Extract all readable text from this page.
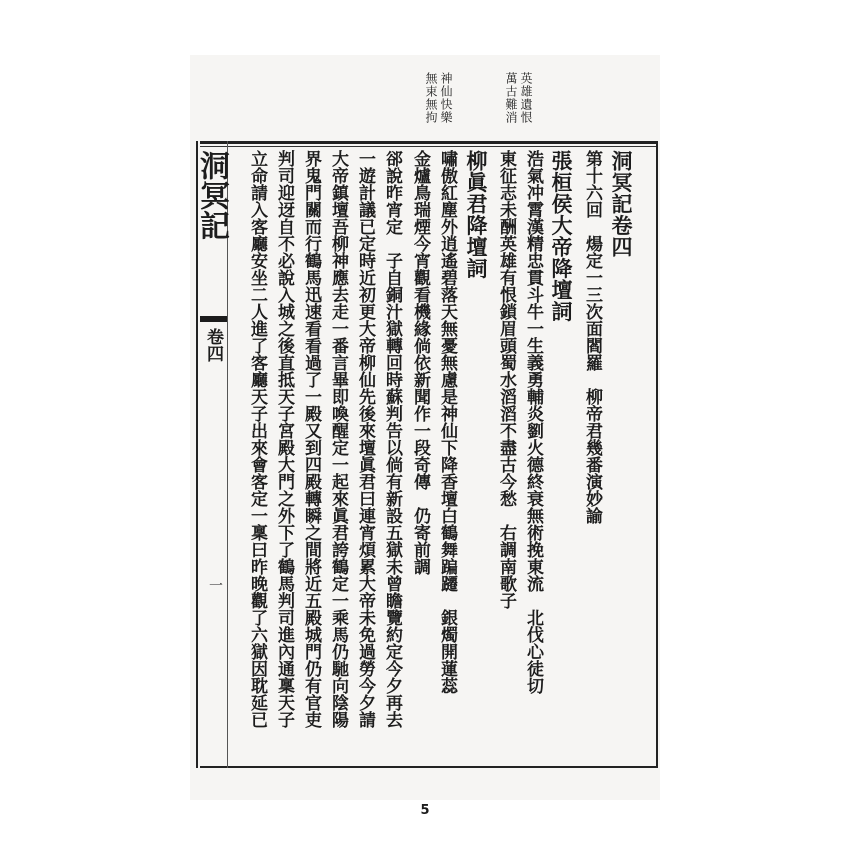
英雄遺恨
萬古難消
神仙快樂
無束無拘
洞冥記
卷四
一
洞冥記卷四
第十六回　煬定一三次面閻羅　柳帝君幾番演妙諭
張桓侯大帝降壇詞
浩氣冲霄漢精忠貫斗牛一生義勇輔炎劉火德終衰無術挽東流　北伐心徒切
東征志未酬英雄有恨鎖眉頭蜀水滔滔不盡古今愁　右調南歌子
柳眞君降壇詞
嘯傲紅塵外逍遙碧落天無憂無慮是神仙下降香壇白鶴舞蹁躚　銀燭開蓮蕊
金爐鳥瑞煙今宵觀看機緣倘依新聞作一段奇傳　仍寄前調
郤說昨宵定　子自銅汁獄轉回時蘇判告以倘有新設五獄未曾瞻覽約定今夕再去
一遊計議已定時近初更大帝柳仙先後來壇眞君曰連宵煩累大帝未免過勞今夕請
大帝鎮壇吾柳神應去走一番言畢即喚醒定一起來眞君誇鶴定一乘馬仍馳向陰陽
界鬼門關而行鶴馬迅速看看過了一殿又到四殿轉瞬之間將近五殿城門仍有官吏
判司迎迓自不必說入城之後直抵天子宮殿大門之外下了鶴馬判司進內通稟天子
立命請入客廳安坐二人進了客廳天子出來會客定一稟曰昨晚觀了六獄因耽延已
5
